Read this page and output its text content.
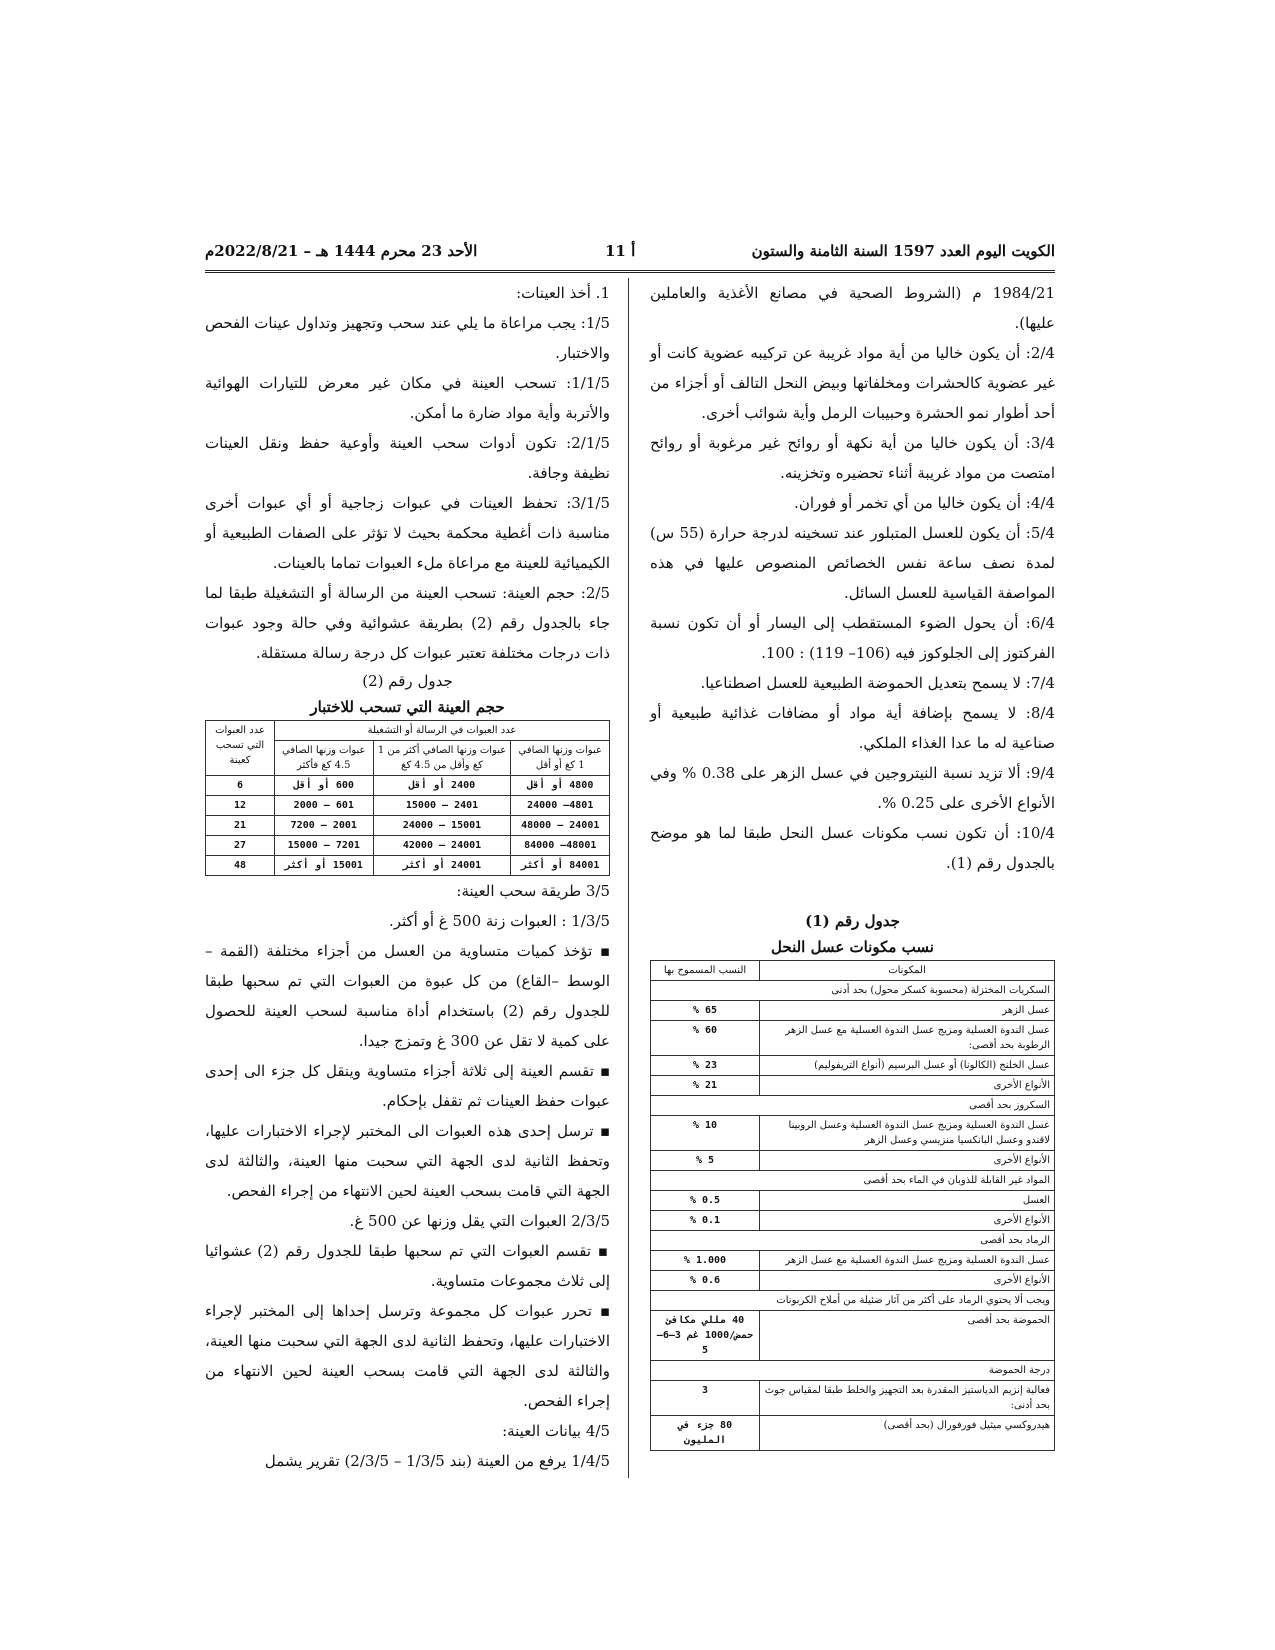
الكويت اليوم العدد 1597 السنة الثامنة والستون
أ 11
الأحد 23 محرم 1444 هـ – 2022/8/21م

1984/21 م (الشروط الصحية في مصانع الأغذية والعاملين عليها).

2/4: أن يكون خاليا من أية مواد غريبة عن تركيبه عضوية كانت أو غير عضوية كالحشرات ومخلفاتها وبيض النحل التالف أو أجزاء من أحد أطوار نمو الحشرة وحبيبات الرمل وأية شوائب أخرى.

3/4: أن يكون خاليا من أية نكهة أو روائح غير مرغوبة أو روائح امتصت من مواد غريبة أثناء تحضيره وتخزينه.

4/4: أن يكون خاليا من أي تخمر أو فوران.

5/4: أن يكون للعسل المتبلور عند تسخينه لدرجة حرارة (55 س) لمدة نصف ساعة نفس الخصائص المنصوص عليها في هذه المواصفة القياسية للعسل السائل.

6/4: أن يحول الضوء المستقطب إلى اليسار أو أن تكون نسبة الفركتوز إلى الجلوكوز فيه (106– 119) : 100.

7/4: لا يسمح بتعديل الحموضة الطبيعية للعسل اصطناعيا.

8/4: لا يسمح بإضافة أية مواد أو مضافات غذائية طبيعية أو صناعية له ما عدا الغذاء الملكي.

9/4: ألا تزيد نسبة النيتروجين في عسل الزهر على 0.38 % وفي الأنواع الأخرى على 0.25 %.

10/4: أن تكون نسب مكونات عسل النحل طبقا لما هو موضح بالجدول رقم (1).

جدول رقم (1)

نسب مكونات عسل النحل

المكونات	النسب المسموح بها
السكريات المختزلة (محسوبة كسكر محول) بحد أدنى	
عسل الزهر	65 %
عسل الندوة العسلية ومزيج عسل الندوة العسلية مع عسل الزهر الرطوبة بحد أقصى:	60 %
عسل الخلنج (الكالونا) أو عسل البرسيم (أنواع التريفوليم)	23 %
الأنواع الأخرى	21 %
السكروز بحد أقصى	
عسل الندوة العسلية ومزيج عسل الندوة العسلية وعسل الروبينا لاقندو وعسل البانكسيا منزيسي وعسل الزهر	10 %
الأنواع الأخرى	5 %
المواد غير القابلة للذوبان في الماء بحد أقصى	
العسل	0.5 %
الأنواع الأخرى	0.1 %
الرماد بحد أقصى	
عسل الندوة العسلية ومزيج عسل الندوة العسلية مع عسل الزهر	1.000 %
الأنواع الأخرى	0.6 %
ويجب ألا يحتوي الرماد على أكثر من آثار ضئيلة من أملاح الكربونات	
الحموضة بحد أقصى	40 مللي مكافئ حمض/1000 غم 3–6–5
درجة الحموضة	
فعالية إنزيم الدياستيز المقدرة بعد التجهيز والخلط طبقا لمقياس جوث بحد أدنى:	3
هيدروكسي ميثيل فورفورال (بحد أقصى)	80 جزء في المليون

1. أخذ العينات:

1/5: يجب مراعاة ما يلي عند سحب وتجهيز وتداول عينات الفحص والاختبار.

1/1/5: تسحب العينة في مكان غير معرض للتيارات الهوائية والأتربة وأية مواد ضارة ما أمكن.

2/1/5: تكون أدوات سحب العينة وأوعية حفظ ونقل العينات نظيفة وجافة.

3/1/5: تحفظ العينات في عبوات زجاجية أو أي عبوات أخرى مناسبة ذات أغطية محكمة بحيث لا تؤثر على الصفات الطبيعية أو الكيميائية للعينة مع مراعاة ملء العبوات تماما بالعينات.

2/5: حجم العينة: تسحب العينة من الرسالة أو التشغيلة طبقا لما جاء بالجدول رقم (2) بطريقة عشوائية وفي حالة وجود عبوات ذات درجات مختلفة تعتبر عبوات كل درجة رسالة مستقلة.

جدول رقم (2)

حجم العينة التي تسحب للاختبار

عدد العبوات في الرسالة أو التشغيلة			عدد العبوات التي تسحب كعينة
عبوات وزنها الصافي 1 كغ أو أقل	عبوات وزنها الصافي أكثر من 1 كغ وأقل من 4.5 كغ	عبوات وزنها الصافي 4.5 كغ فأكثر	
4800 أو أقل	2400 أو أقل	600 أو أقل	6
4801– 24000	2401 – 15000	601 – 2000	12
24001 – 48000	15001 – 24000	2001 – 7200	21
48001– 84000	24001 – 42000	7201 – 15000	27
84001 أو أكثر	24001 أو أكثر	15001 أو أكثر	48

3/5 طريقة سحب العينة:

1/3/5 : العبوات زنة 500 غ أو أكثر.

▪ تؤخذ كميات متساوية من العسل من أجزاء مختلفة (القمة – الوسط –القاع) من كل عبوة من العبوات التي تم سحبها طبقا للجدول رقم (2) باستخدام أداة مناسبة لسحب العينة للحصول على كمية لا تقل عن 300 غ وتمزج جيدا.

▪ تقسم العينة إلى ثلاثة أجزاء متساوية وينقل كل جزء الى إحدى عبوات حفظ العينات ثم تقفل بإحكام.

▪ ترسل إحدى هذه العبوات الى المختبر لإجراء الاختبارات عليها، وتحفظ الثانية لدى الجهة التي سحبت منها العينة، والثالثة لدى الجهة التي قامت بسحب العينة لحين الانتهاء من إجراء الفحص.

2/3/5 العبوات التي يقل وزنها عن 500 غ.

▪ تقسم العبوات التي تم سحبها طبقا للجدول رقم (2) عشوائيا إلى ثلاث مجموعات متساوية.

▪ تحرر عبوات كل مجموعة وترسل إحداها إلى المختبر لإجراء الاختبارات عليها، وتحفظ الثانية لدى الجهة التي سحبت منها العينة، والثالثة لدى الجهة التي قامت بسحب العينة لحين الانتهاء من إجراء الفحص.

4/5 بيانات العينة:

1/4/5 يرفع من العينة (بند 1/3/5 – 2/3/5) تقرير يشمل
